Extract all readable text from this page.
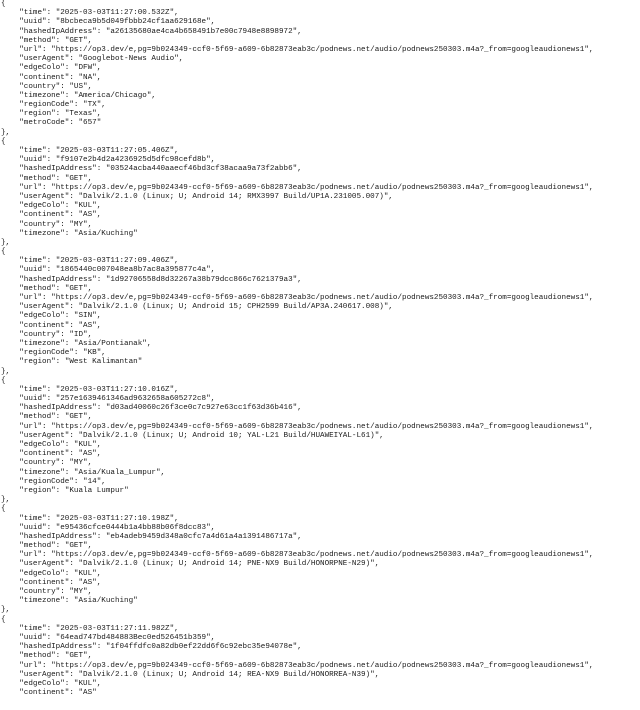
{
"time": "2025-03-03T11:27:00.532Z",
"uuid": "8bcbeca9b5d049fbbb24cf1aa629168e",
"hashedIpAddress": "a26135680ae4ca4b658491b7e00c7948e8898972",
"method": "GET",
"url": "https://op3.dev/e,pg=9b024349-ccf0-5f69-a609-6b82873eab3c/podnews.net/audio/podnews250303.m4a?_from=googleaudionews1",
"userAgent": "Googlebot-News Audio",
"edgeColo": "DFW",
"continent": "NA",
"country": "US",
"timezone": "America/Chicago",
"regionCode": "TX",
"region": "Texas",
"metroCode": "657"
},
{
"time": "2025-03-03T11:27:05.406Z",
"uuid": "f9107e2b4d2a4236925d5dfc98cefd8b",
"hashedIpAddress": "03524acba440aaecf46bd3cf38acaa9a73f2abb6",
"method": "GET",
"url": "https://op3.dev/e,pg=9b024349-ccf0-5f69-a609-6b82873eab3c/podnews.net/audio/podnews250303.m4a?_from=googleaudionews1",
"userAgent": "Dalvik/2.1.0 (Linux; U; Android 14; RMX3997 Build/UP1A.231005.007)",
"edgeColo": "KUL",
"continent": "AS",
"country": "MY",
"timezone": "Asia/Kuching"
},
{
"time": "2025-03-03T11:27:09.406Z",
"uuid": "1865440c007048ea8b7ac8a395877c4a",
"hashedIpAddress": "1d92706558d8d32267a38b79dcc866c7621379a3",
"method": "GET",
"url": "https://op3.dev/e,pg=9b024349-ccf0-5f69-a609-6b82873eab3c/podnews.net/audio/podnews250303.m4a?_from=googleaudionews1",
"userAgent": "Dalvik/2.1.0 (Linux; U; Android 15; CPH2599 Build/AP3A.240617.008)",
"edgeColo": "SIN",
"continent": "AS",
"country": "ID",
"timezone": "Asia/Pontianak",
"regionCode": "KB",
"region": "West Kalimantan"
},
{
"time": "2025-03-03T11:27:10.016Z",
"uuid": "257e1639461346ad9632658a605272c8",
"hashedIpAddress": "d03ad40060c26f3ce0c7c927e63cc1f63d36b416",
"method": "GET",
"url": "https://op3.dev/e,pg=9b024349-ccf0-5f69-a609-6b82873eab3c/podnews.net/audio/podnews250303.m4a?_from=googleaudionews1",
"userAgent": "Dalvik/2.1.0 (Linux; U; Android 10; YAL-L21 Build/HUAWEIYAL-L61)",
"edgeColo": "KUL",
"continent": "AS",
"country": "MY",
"timezone": "Asia/Kuala_Lumpur",
"regionCode": "14",
"region": "Kuala Lumpur"
},
{
"time": "2025-03-03T11:27:10.198Z",
"uuid": "e95436cfce0444b1a4bb88b06f8dcc83",
"hashedIpAddress": "eb4adeb9459d348a0cfc7a4d61a4a1391486717a",
"method": "GET",
"url": "https://op3.dev/e,pg=9b024349-ccf0-5f69-a609-6b82873eab3c/podnews.net/audio/podnews250303.m4a?_from=googleaudionews1",
"userAgent": "Dalvik/2.1.0 (Linux; U; Android 14; PNE-NX9 Build/HONORPNE-N29)",
"edgeColo": "KUL",
"continent": "AS",
"country": "MY",
"timezone": "Asia/Kuching"
},
{
"time": "2025-03-03T11:27:11.982Z",
"uuid": "64ead747bd484883Bec0ed526451b359",
"hashedIpAddress": "1f04ffdfc0a82db0ef22dd6f6c92ebc35e94078e",
"method": "GET",
"url": "https://op3.dev/e,pg=9b024349-ccf0-5f69-a609-6b82873eab3c/podnews.net/audio/podnews250303.m4a?_from=googleaudionews1",
"userAgent": "Dalvik/2.1.0 (Linux; U; Android 14; REA-NX9 Build/HONORREA-N39)",
"edgeColo": "KUL",
"continent": "AS"
